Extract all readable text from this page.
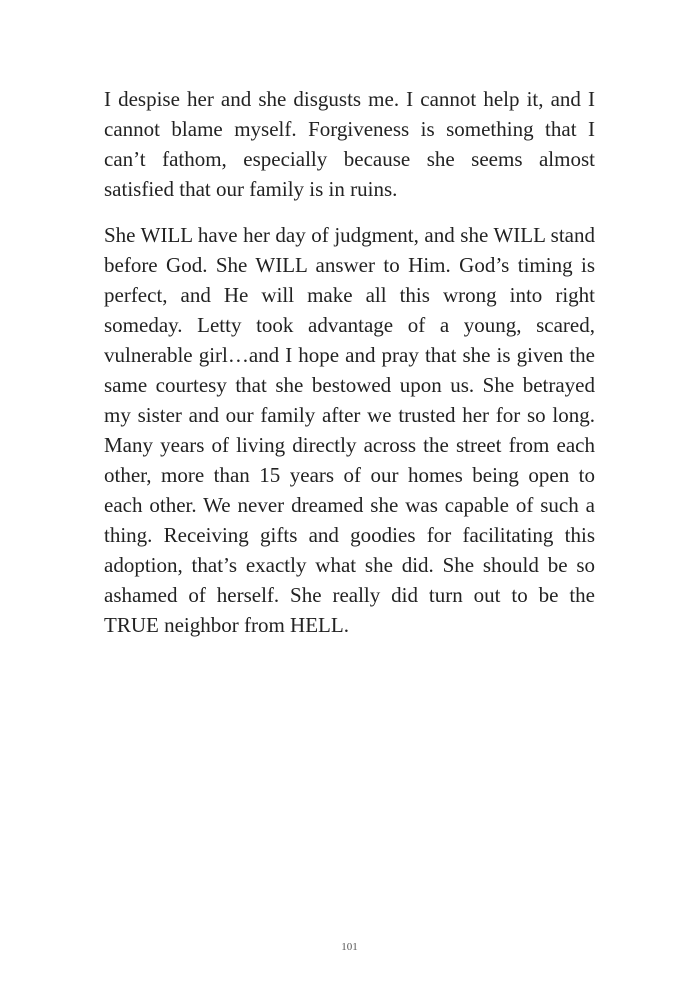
I despise her and she disgusts me. I cannot help it, and I cannot blame myself. Forgiveness is something that I can’t fathom, especially because she seems almost satisfied that our family is in ruins.

She WILL have her day of judgment, and she WILL stand before God. She WILL answer to Him. God’s timing is perfect, and He will make all this wrong into right someday. Letty took advantage of a young, scared, vulnerable girl…and I hope and pray that she is given the same courtesy that she bestowed upon us. She betrayed my sister and our family after we trusted her for so long. Many years of living directly across the street from each other, more than 15 years of our homes being open to each other. We never dreamed she was capable of such a thing. Receiving gifts and goodies for facilitating this adoption, that’s exactly what she did. She should be so ashamed of herself. She really did turn out to be the TRUE neighbor from HELL.

101
